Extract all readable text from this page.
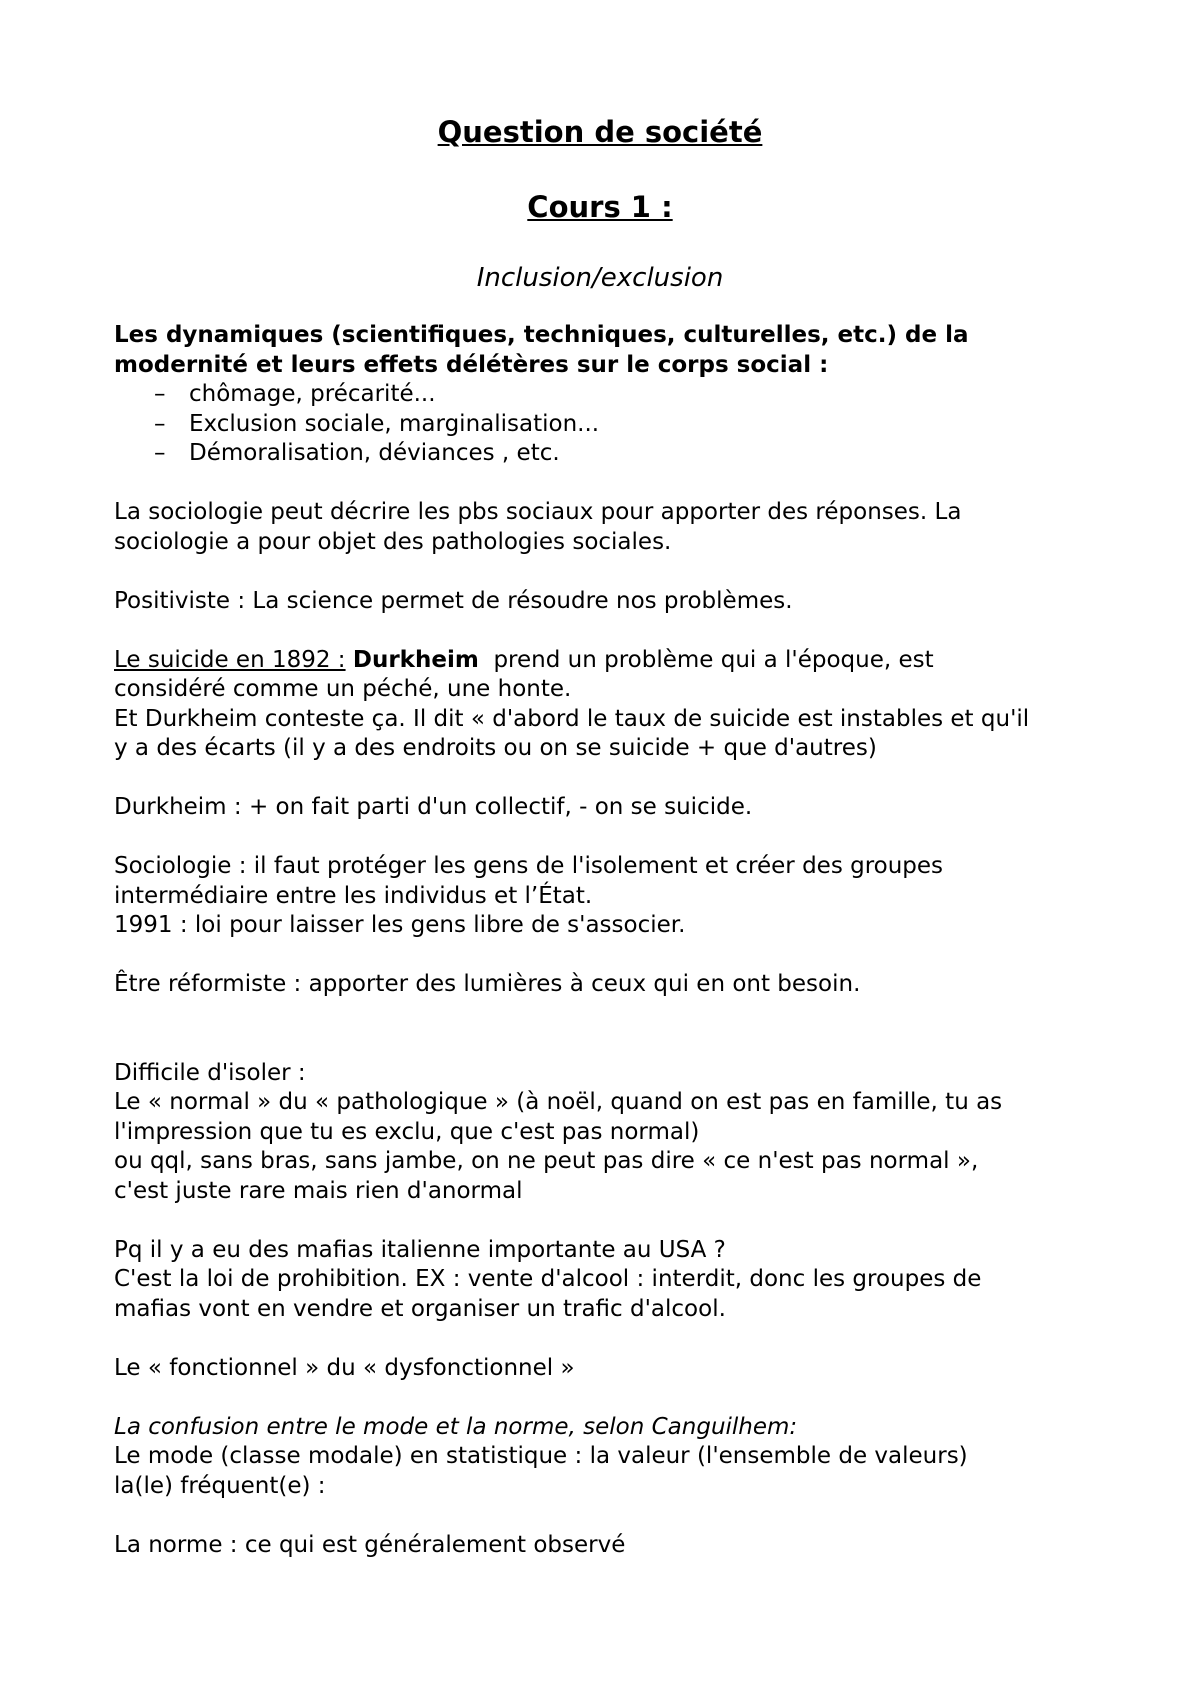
Question de société
Cours 1 :
Inclusion/exclusion

Les dynamiques (scientifiques, techniques, culturelles, etc.) de la

modernité et leurs effets délétères sur le corps social :

– chômage, précarité...
– Exclusion sociale, marginalisation...
– Démoralisation, déviances , etc.

La sociologie peut décrire les pbs sociaux pour apporter des réponses. La

sociologie a pour objet des pathologies sociales.

Positiviste : La science permet de résoudre nos problèmes.

Le suicide en 1892 : Durkheim prend un problème qui a l'époque, est

considéré comme un péché, une honte.

Et Durkheim conteste ça. Il dit « d'abord le taux de suicide est instables et qu'il

y a des écarts (il y a des endroits ou on se suicide + que d'autres)

Durkheim : + on fait parti d'un collectif, - on se suicide.

Sociologie : il faut protéger les gens de l'isolement et créer des groupes

intermédiaire entre les individus et l’État.

1991 : loi pour laisser les gens libre de s'associer.

Être réformiste : apporter des lumières à ceux qui en ont besoin.

Difficile d'isoler :

Le « normal » du « pathologique » (à noël, quand on est pas en famille, tu as

l'impression que tu es exclu, que c'est pas normal)

ou qql, sans bras, sans jambe, on ne peut pas dire « ce n'est pas normal »,

c'est juste rare mais rien d'anormal

Pq il y a eu des mafias italienne importante au USA ?

C'est la loi de prohibition. EX : vente d'alcool : interdit, donc les groupes de

mafias vont en vendre et organiser un trafic d'alcool.

Le « fonctionnel » du « dysfonctionnel »

La confusion entre le mode et la norme, selon Canguilhem:

Le mode (classe modale) en statistique : la valeur (l'ensemble de valeurs)

la(le) fréquent(e) :

La norme : ce qui est généralement observé
